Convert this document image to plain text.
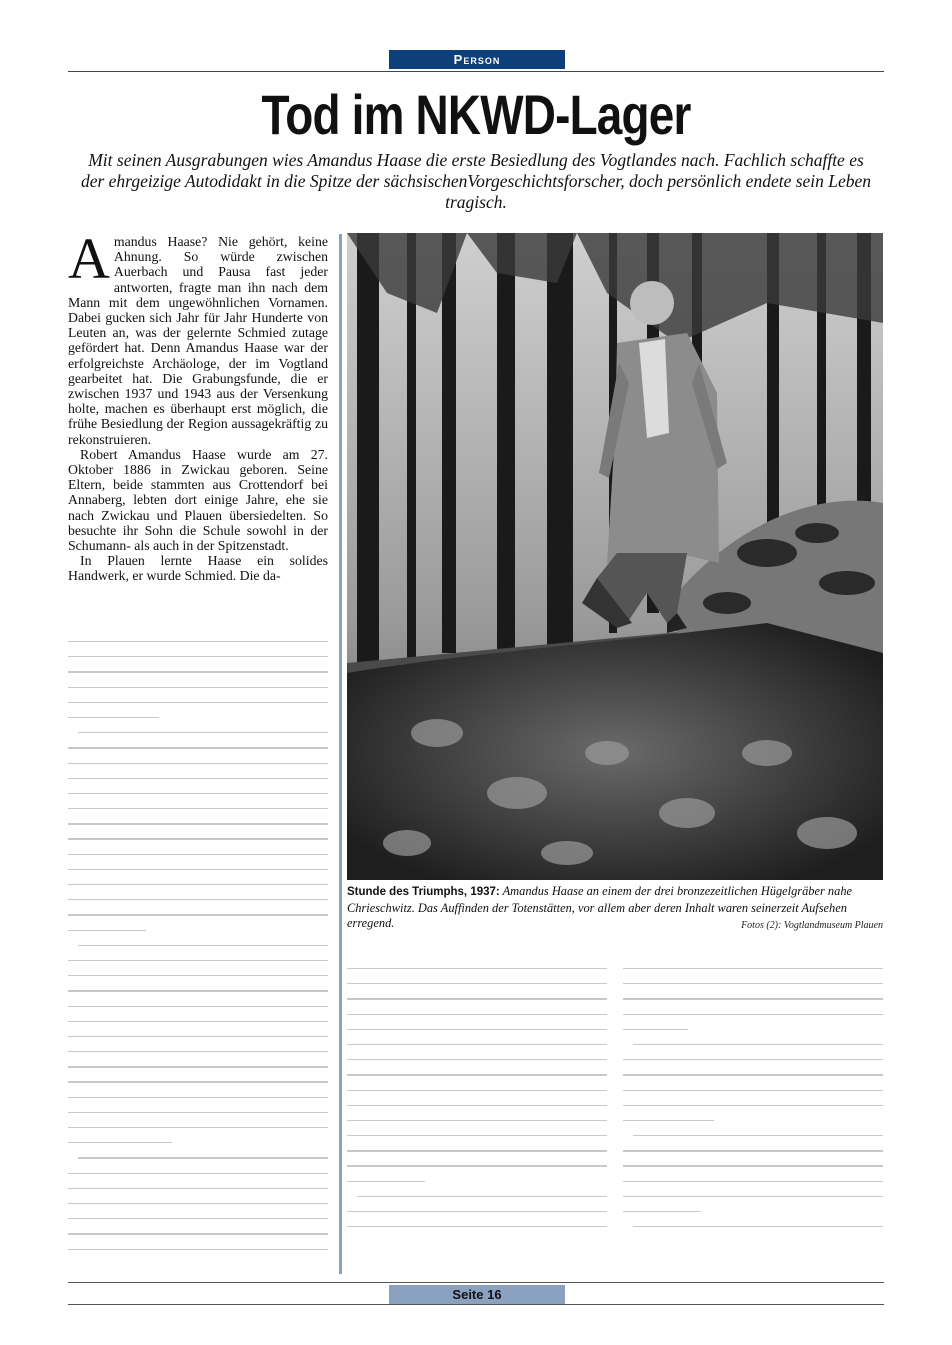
Person
Tod im NKWD-Lager
Mit seinen Ausgrabungen wies Amandus Haase die erste Besiedlung des Vogtlandes nach. Fachlich schaffte es der ehrgeizige Autodidakt in die Spitze der sächsischenVorgeschichtsforscher, doch persönlich endete sein Leben tragisch.

Amandus Haase? Nie gehört, keine Ahnung. So würde zwischen Auerbach und Pausa fast jeder antworten, fragte man ihn nach dem Mann mit dem ungewöhnlichen Vornamen. Dabei gucken sich Jahr für Jahr Hunderte von Leuten an, was der gelernte Schmied zutage gefördert hat. Denn Amandus Haase war der erfolgreichste Archäologe, der im Vogtland gearbeitet hat. Die Grabungsfunde, die er zwischen 1937 und 1943 aus der Versenkung holte, machen es überhaupt erst möglich, die frühe Besiedlung der Region aussagekräftig zu rekonstruieren.

Robert Amandus Haase wurde am 27. Oktober 1886 in Zwickau geboren. Seine Eltern, beide stammten aus Crottendorf bei Annaberg, lebten dort einige Jahre, ehe sie nach Zwickau und Plauen übersiedelten. So besuchte ihr Sohn die Schule sowohl in der Schumann- als auch in der Spitzenstadt.

In Plauen lernte Haase ein solides Handwerk, er wurde Schmied. Die da-

Stunde des Triumphs, 1937: Amandus Haase an einem der drei bronzezeitlichen Hügelgräber nahe Chrieschwitz. Das Auffinden der Totenstätten, vor allem aber deren Inhalt waren seinerzeit Aufsehen erregend.	Fotos (2): Vogtlandmuseum Plauen
Seite 16
